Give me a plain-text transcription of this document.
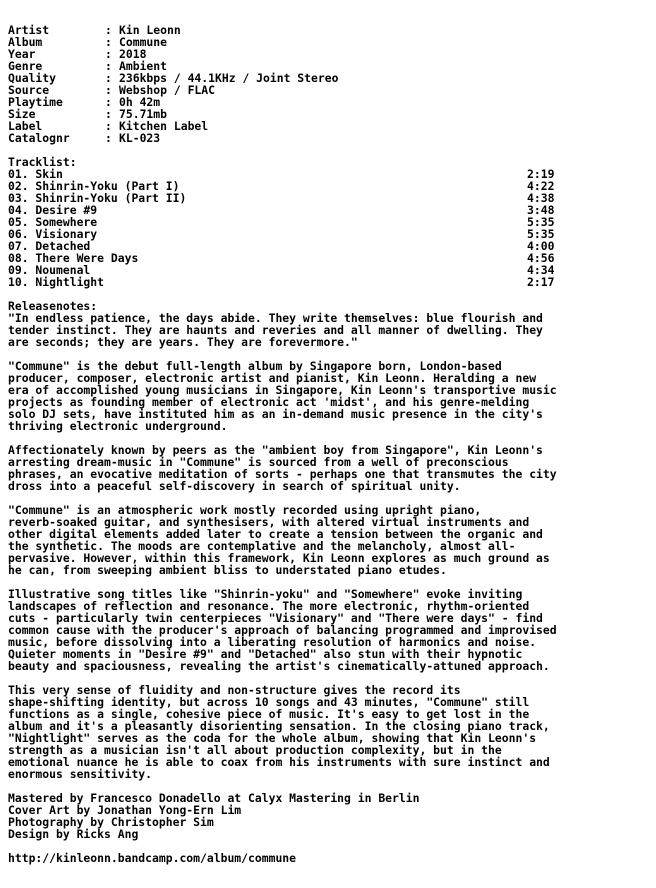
Artist	: Kin Leonn
Album	: Commune
Year	: 2018
Genre	: Ambient
Quality	: 236kbps / 44.1KHz / Joint Stereo
Source	: Webshop / FLAC
Playtime	: 0h 42m
Size	: 75.71mb
Label	: Kitchen Label
Catalognr	: KL-023
Tracklist:
01. Skin	2:19
02. Shinrin-Yoku (Part I)	4:22
03. Shinrin-Yoku (Part II)	4:38
04. Desire #9	3:48
05. Somewhere	5:35
06. Visionary	5:35
07. Detached	4:00
08. There Were Days	4:56
09. Noumenal	4:34
10. Nightlight	2:17
Releasenotes:
"In endless patience, the days abide. They write themselves: blue flourish and
tender instinct. They are haunts and reveries and all manner of dwelling. They
are seconds; they are years. They are forevermore."
"Commune" is the debut full-length album by Singapore born, London-based
producer, composer, electronic artist and pianist, Kin Leonn. Heralding a new
era of accomplished young musicians in Singapore, Kin Leonn's transportive music
projects as founding member of electronic act 'midst', and his genre-melding
solo DJ sets, have instituted him as an in-demand music presence in the city's
thriving electronic underground.
Affectionately known by peers as the "ambient boy from Singapore", Kin Leonn's
arresting dream-music in "Commune" is sourced from a well of preconscious
phrases, an evocative meditation of sorts - perhaps one that transmutes the city
dross into a peaceful self-discovery in search of spiritual unity.
"Commune" is an atmospheric work mostly recorded using upright piano,
reverb-soaked guitar, and synthesisers, with altered virtual instruments and
other digital elements added later to create a tension between the organic and
the synthetic. The moods are contemplative and the melancholy, almost all-
pervasive. However, within this framework, Kin Leonn explores as much ground as
he can, from sweeping ambient bliss to understated piano etudes.
Illustrative song titles like "Shinrin-yoku" and "Somewhere" evoke inviting
landscapes of reflection and resonance. The more electronic, rhythm-oriented
cuts - particularly twin centerpieces "Visionary" and "There were days" - find
common cause with the producer's approach of balancing programmed and improvised
music, before dissolving into a liberating resolution of harmonics and noise.
Quieter moments in "Desire #9" and "Detached" also stun with their hypnotic
beauty and spaciousness, revealing the artist's cinematically-attuned approach.
This very sense of fluidity and non-structure gives the record its
shape-shifting identity, but across 10 songs and 43 minutes, "Commune" still
functions as a single, cohesive piece of music. It's easy to get lost in the
album and it's a pleasantly disorienting sensation. In the closing piano track,
"Nightlight" serves as the coda for the whole album, showing that Kin Leonn's
strength as a musician isn't all about production complexity, but in the
emotional nuance he is able to coax from his instruments with sure instinct and
enormous sensitivity.
Mastered by Francesco Donadello at Calyx Mastering in Berlin
Cover Art by Jonathan Yong-Ern Lim
Photography by Christopher Sim
Design by Ricks Ang
http://kinleonn.bandcamp.com/album/commune
